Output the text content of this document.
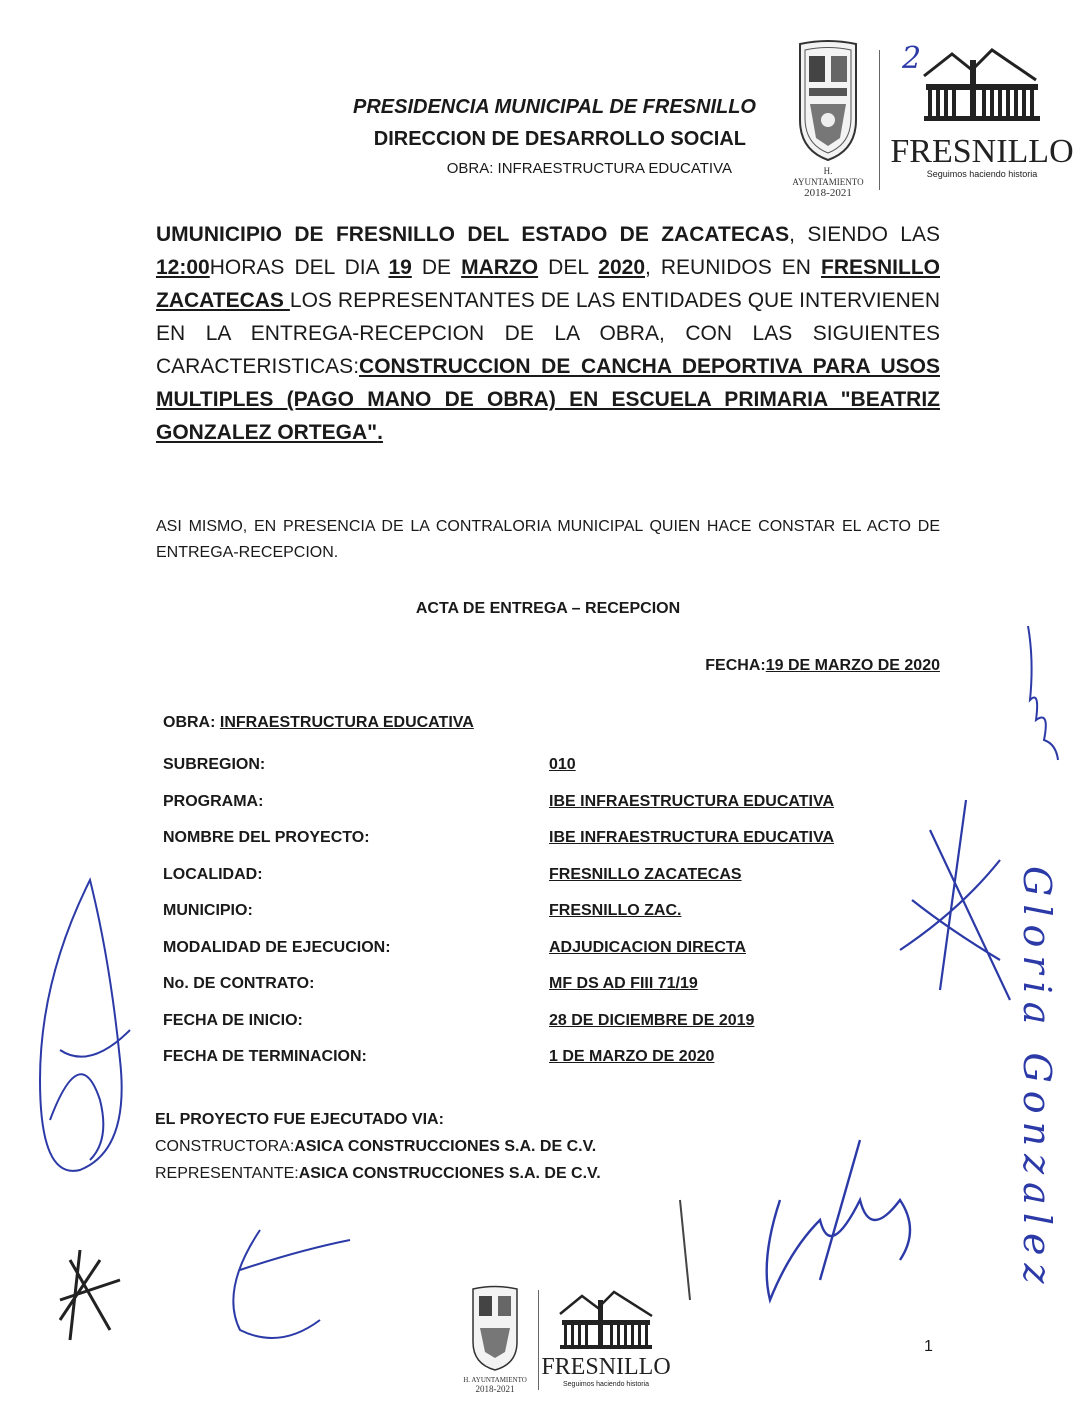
PRESIDENCIA MUNICIPAL DE FRESNILLO
DIRECCION DE DESARROLLO SOCIAL
OBRA: INFRAESTRUCTURA EDUCATIVA	H. AYUNTAMIENTO
2018-2021
2
FRESNILLO
Seguimos haciendo historia
UMUNICIPIO DE FRESNILLO DEL ESTADO DE ZACATECAS, SIENDO LAS 12:00HORAS DEL DIA 19 DE MARZO DEL 2020, REUNIDOS EN FRESNILLO ZACATECAS LOS REPRESENTANTES DE LAS ENTIDADES QUE INTERVIENEN EN LA ENTREGA-RECEPCION DE LA OBRA, CON LAS SIGUIENTES CARACTERISTICAS:CONSTRUCCION DE CANCHA DEPORTIVA PARA USOS MULTIPLES (PAGO MANO DE OBRA) EN ESCUELA PRIMARIA "BEATRIZ GONZALEZ ORTEGA".
ASI MISMO, EN PRESENCIA DE LA CONTRALORIA MUNICIPAL QUIEN HACE CONSTAR EL ACTO DE ENTREGA-RECEPCION.
ACTA DE ENTREGA – RECEPCION
FECHA:19 DE MARZO DE 2020
OBRA: INFRAESTRUCTURA EDUCATIVA
SUBREGION:	010
PROGRAMA:	IBE INFRAESTRUCTURA EDUCATIVA
NOMBRE DEL PROYECTO:	IBE INFRAESTRUCTURA EDUCATIVA
LOCALIDAD:	FRESNILLO ZACATECAS
MUNICIPIO:	FRESNILLO ZAC.
MODALIDAD DE EJECUCION:	ADJUDICACION DIRECTA
No. DE CONTRATO:	MF DS AD FIII 71/19
FECHA DE INICIO:	28 DE DICIEMBRE DE 2019
FECHA DE TERMINACION:	1 DE MARZO DE 2020
EL PROYECTO FUE EJECUTADO VIA:
CONSTRUCTORA:ASICA CONSTRUCCIONES S.A. DE C.V.
REPRESENTANTE:ASICA CONSTRUCCIONES S.A. DE C.V.
1
H. AYUNTAMIENTO
2018-2021
FRESNILLO
Seguimos haciendo historia
Gloria Gonzalez
